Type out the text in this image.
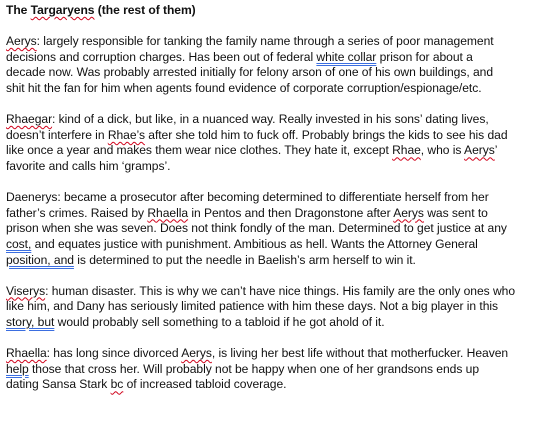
The Targaryens (the rest of them)
Aerys: largely responsible for tanking the family name through a series of poor management
decisions and corruption charges. Has been out of federal white collar prison for about a
decade now. Was probably arrested initially for felony arson of one of his own buildings, and
shit hit the fan for him when agents found evidence of corporate corruption/espionage/etc.
Rhaegar: kind of a dick, but like, in a nuanced way. Really invested in his sons’ dating lives,
doesn’t interfere in Rhae’s after she told him to fuck off. Probably brings the kids to see his dad
like once a year and makes them wear nice clothes. They hate it, except Rhae, who is Aerys’
favorite and calls him ‘gramps’.
Daenerys: became a prosecutor after becoming determined to differentiate herself from her
father’s crimes. Raised by Rhaella in Pentos and then Dragonstone after Aerys was sent to
prison when she was seven. Does not think fondly of the man. Determined to get justice at any
cost, and equates justice with punishment. Ambitious as hell. Wants the Attorney General
position, and is determined to put the needle in Baelish’s arm herself to win it.
Viserys: human disaster. This is why we can’t have nice things. His family are the only ones who
like him, and Dany has seriously limited patience with him these days. Not a big player in this
story, but would probably sell something to a tabloid if he got ahold of it.
Rhaella: has long since divorced Aerys, is living her best life without that motherfucker. Heaven
help those that cross her. Will probably not be happy when one of her grandsons ends up
dating Sansa Stark bc of increased tabloid coverage.
